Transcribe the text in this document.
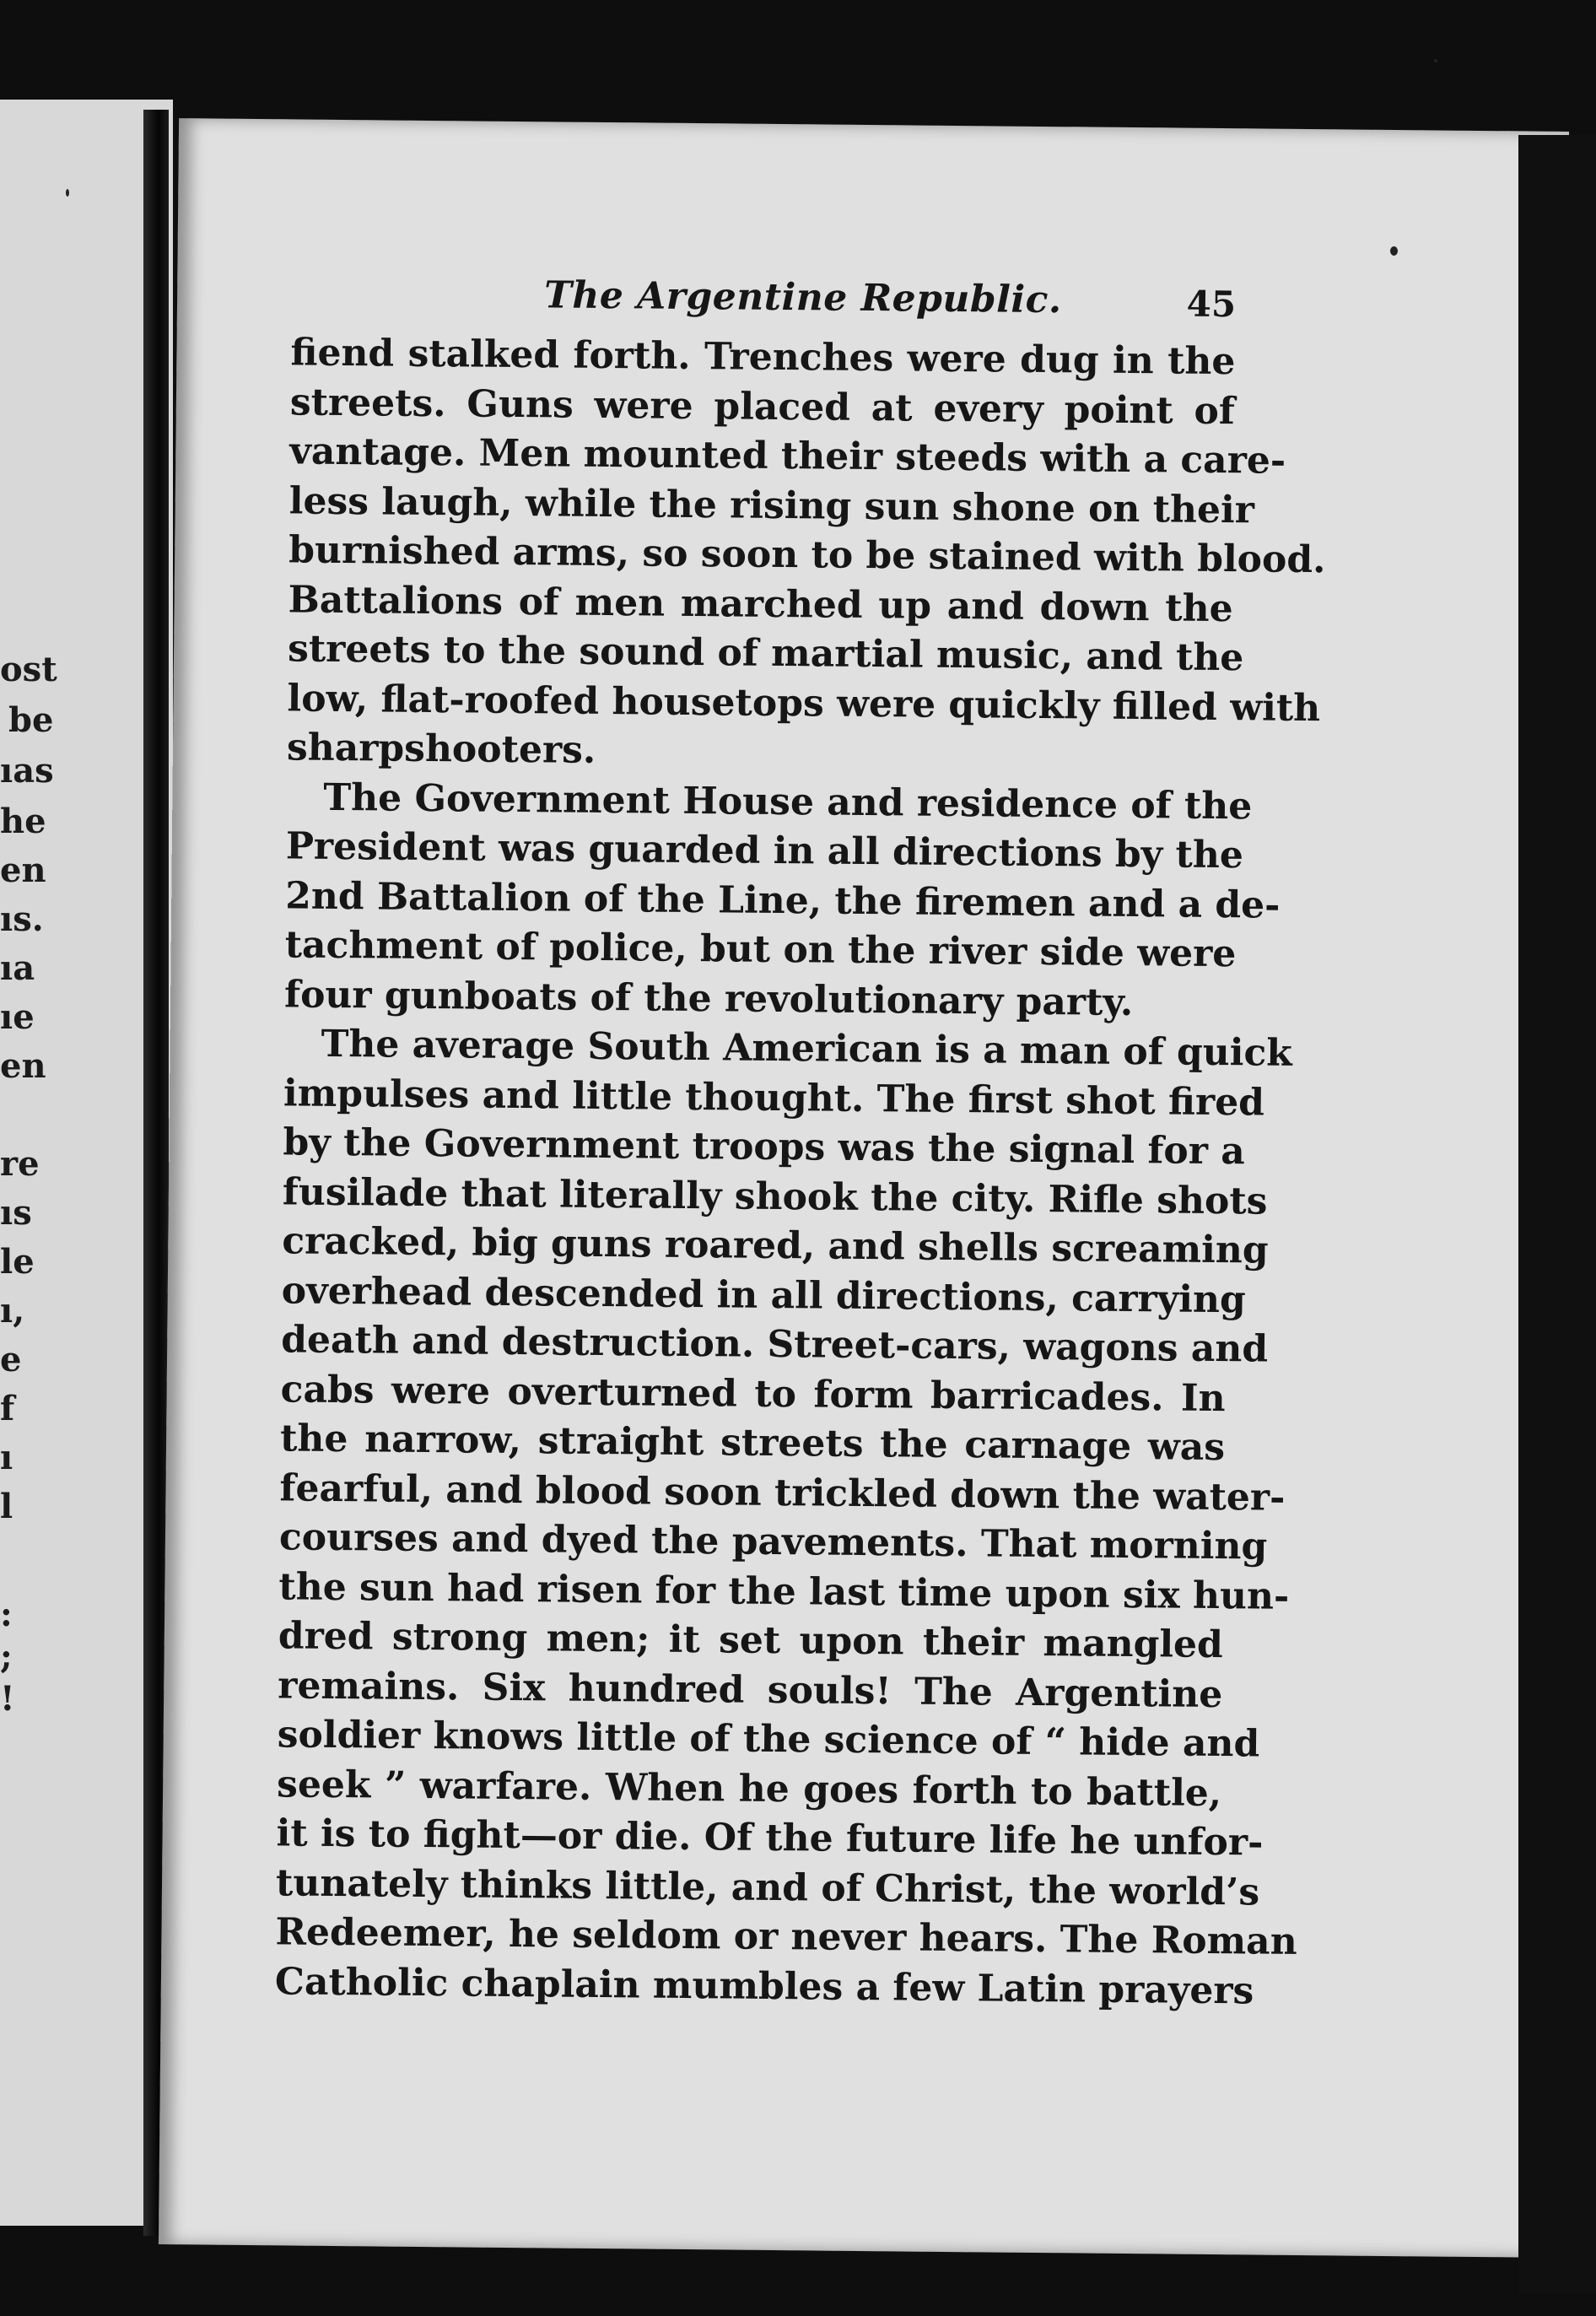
ost
be
ıas
he
en
ıs.
ıa
ıe
en
re
ıs
le
ı,
e
f
ı
l
:
;
!
The Argentine Republic.	45
fiend stalked forth. Trenches were dug in the
streets. Guns were placed at every point of
vantage. Men mounted their steeds with a care-
less laugh, while the rising sun shone on their
burnished arms, so soon to be stained with blood.
Battalions of men marched up and down the
streets to the sound of martial music, and the
low, flat-roofed housetops were quickly filled with
sharpshooters.
The Government House and residence of the
President was guarded in all directions by the
2nd Battalion of the Line, the firemen and a de-
tachment of police, but on the river side were
four gunboats of the revolutionary party.
The average South American is a man of quick
impulses and little thought. The first shot fired
by the Government troops was the signal for a
fusilade that literally shook the city. Rifle shots
cracked, big guns roared, and shells screaming
overhead descended in all directions, carrying
death and destruction. Street-cars, wagons and
cabs were overturned to form barricades. In
the narrow, straight streets the carnage was
fearful, and blood soon trickled down the water-
courses and dyed the pavements. That morning
the sun had risen for the last time upon six hun-
dred strong men; it set upon their mangled
remains. Six hundred souls! The Argentine
soldier knows little of the science of “ hide and
seek ” warfare. When he goes forth to battle,
it is to fight—or die. Of the future life he unfor-
tunately thinks little, and of Christ, the world’s
Redeemer, he seldom or never hears. The Roman
Catholic chaplain mumbles a few Latin prayers
